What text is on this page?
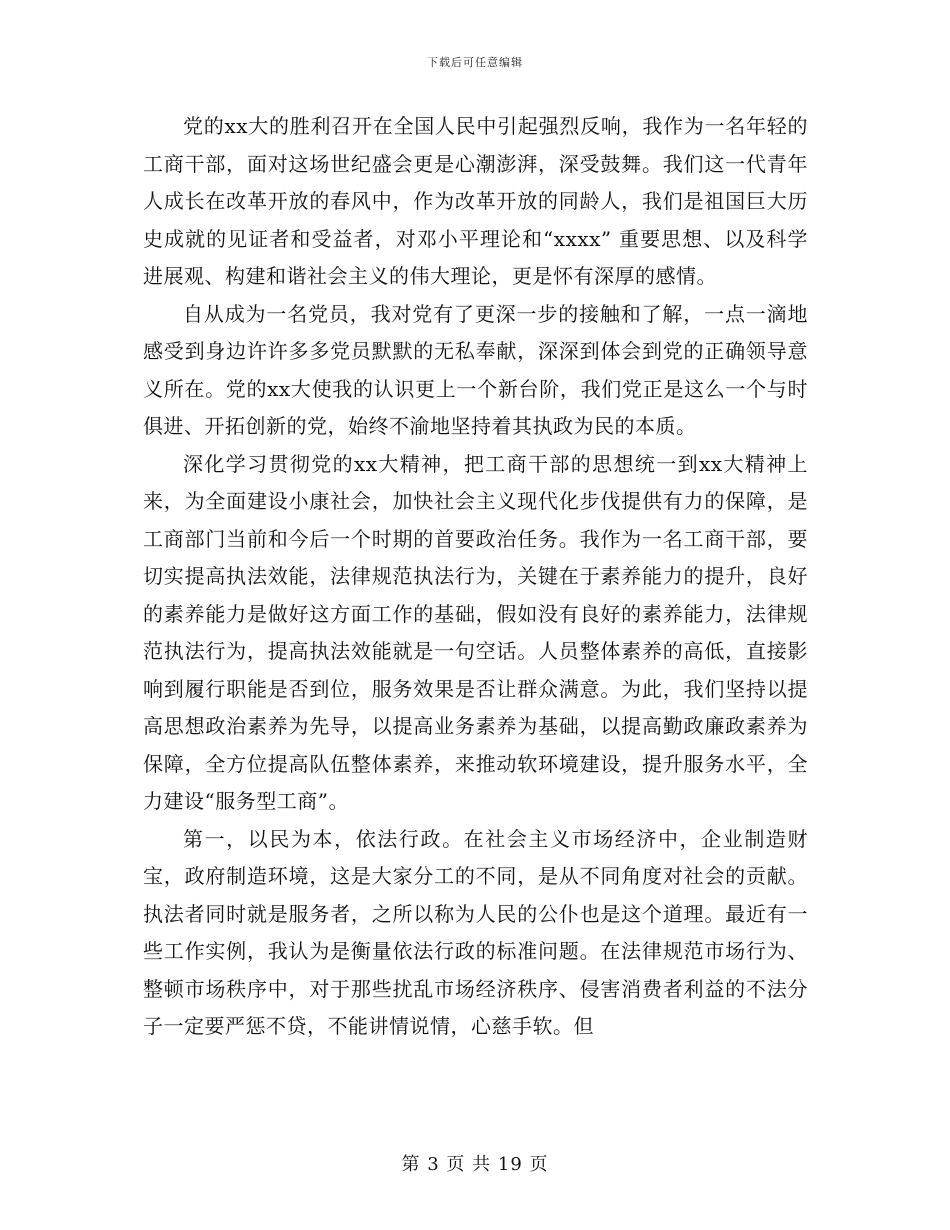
下载后可任意编辑

党的xx大的胜利召开在全国人民中引起强烈反响，我作为一名年轻的工商干部，面对这场世纪盛会更是心潮澎湃，深受鼓舞。我们这一代青年人成长在改革开放的春风中，作为改革开放的同龄人，我们是祖国巨大历史成就的见证者和受益者，对邓小平理论和“xxxx” 重要思想、以及科学进展观、构建和谐社会主义的伟大理论，更是怀有深厚的感情。

自从成为一名党员，我对党有了更深一步的接触和了解，一点一滴地感受到身边许许多多党员默默的无私奉献，深深到体会到党的正确领导意义所在。党的xx大使我的认识更上一个新台阶，我们党正是这么一个与时俱进、开拓创新的党，始终不渝地坚持着其执政为民的本质。

深化学习贯彻党的xx大精神，把工商干部的思想统一到xx大精神上来，为全面建设小康社会，加快社会主义现代化步伐提供有力的保障，是工商部门当前和今后一个时期的首要政治任务。我作为一名工商干部，要切实提高执法效能，法律规范执法行为，关键在于素养能力的提升，良好的素养能力是做好这方面工作的基础，假如没有良好的素养能力，法律规范执法行为，提高执法效能就是一句空话。人员整体素养的高低，直接影响到履行职能是否到位，服务效果是否让群众满意。为此，我们坚持以提高思想政治素养为先导，以提高业务素养为基础，以提高勤政廉政素养为保障，全方位提高队伍整体素养，来推动软环境建设，提升服务水平，全力建设“服务型工商”。

第一，以民为本，依法行政。在社会主义市场经济中，企业制造财宝，政府制造环境，这是大家分工的不同，是从不同角度对社会的贡献。执法者同时就是服务者，之所以称为人民的公仆也是这个道理。最近有一些工作实例，我认为是衡量依法行政的标准问题。在法律规范市场行为、整顿市场秩序中，对于那些扰乱市场经济秩序、侵害消费者利益的不法分子一定要严惩不贷，不能讲情说情，心慈手软。但

第 3 页 共 19 页
